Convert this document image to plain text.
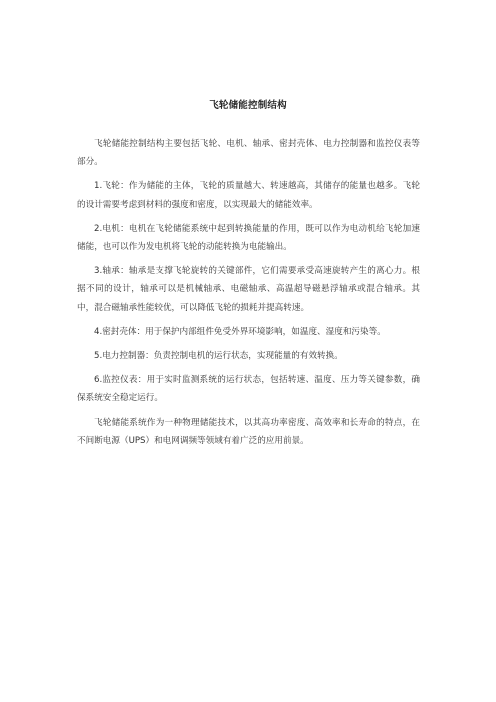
飞轮储能控制结构

飞轮储能控制结构主要包括飞轮、电机、轴承、密封壳体、电力控制器和监控仪表等部分。

1.飞轮：作为储能的主体，飞轮的质量越大、转速越高，其储存的能量也越多。飞轮的设计需要考虑到材料的强度和密度，以实现最大的储能效率。

2.电机：电机在飞轮储能系统中起到转换能量的作用，既可以作为电动机给飞轮加速储能，也可以作为发电机将飞轮的动能转换为电能输出。

3.轴承：轴承是支撑飞轮旋转的关键部件，它们需要承受高速旋转产生的离心力。根据不同的设计，轴承可以是机械轴承、电磁轴承、高温超导磁悬浮轴承或混合轴承。其中，混合磁轴承性能较优，可以降低飞轮的损耗并提高转速。

4.密封壳体：用于保护内部组件免受外界环境影响，如温度、湿度和污染等。

5.电力控制器：负责控制电机的运行状态，实现能量的有效转换。

6.监控仪表：用于实时监测系统的运行状态，包括转速、温度、压力等关键参数，确保系统安全稳定运行。

飞轮储能系统作为一种物理储能技术，以其高功率密度、高效率和长寿命的特点，在不间断电源（UPS）和电网调频等领域有着广泛的应用前景。
